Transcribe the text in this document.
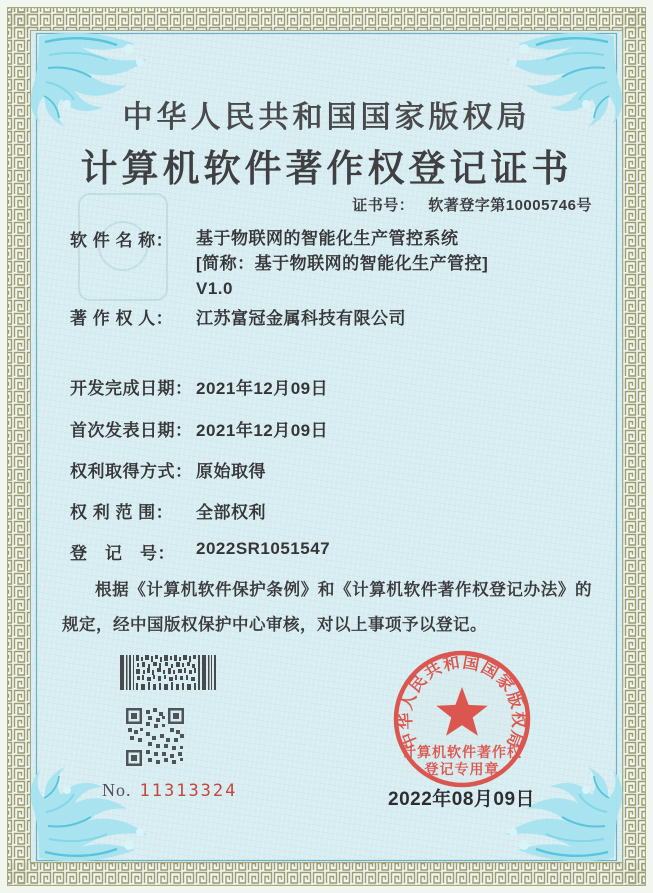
中华人民共和国国家版权局
计算机软件著作权登记证书
证书号： 软著登字第10005746号
软 件 名 称：	基于物联网的智能化生产管控系统
[简称：基于物联网的智能化生产管控]
V1.0
著 作 权 人：	江苏富冠金属科技有限公司
开发完成日期： 2021年12月09日
首次发表日期： 2021年12月09日
权利取得方式： 原始取得
权 利 范 围：	全部权利
登　记　号：	2022SR1051547
根据《计算机软件保护条例》和《计算机软件著作权登记办法》的规定，经中国版权保护中心审核，对以上事项予以登记。
No. 11313324	2022年08月09日
中华人民共和国国家版权局
计算机软件著作权
登记专用章
